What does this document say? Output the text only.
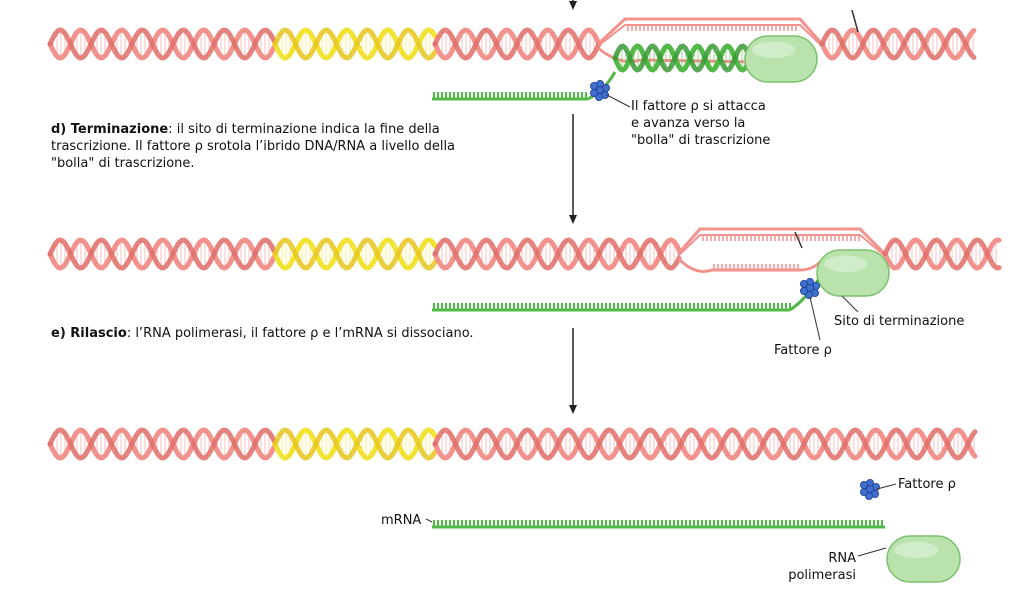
d) Terminazione: il sito di terminazione indica la fine della
trascrizione. Il fattore ρ srotola l’ibrido DNA/RNA a livello della
"bolla" di trascrizione.
Il fattore ρ si attacca
e avanza verso la
"bolla" di trascrizione
e) Rilascio: l’RNA polimerasi, il fattore ρ e l’mRNA si dissociano.
Sito di terminazione
Fattore ρ
Fattore ρ
mRNA
RNA
polimerasi
